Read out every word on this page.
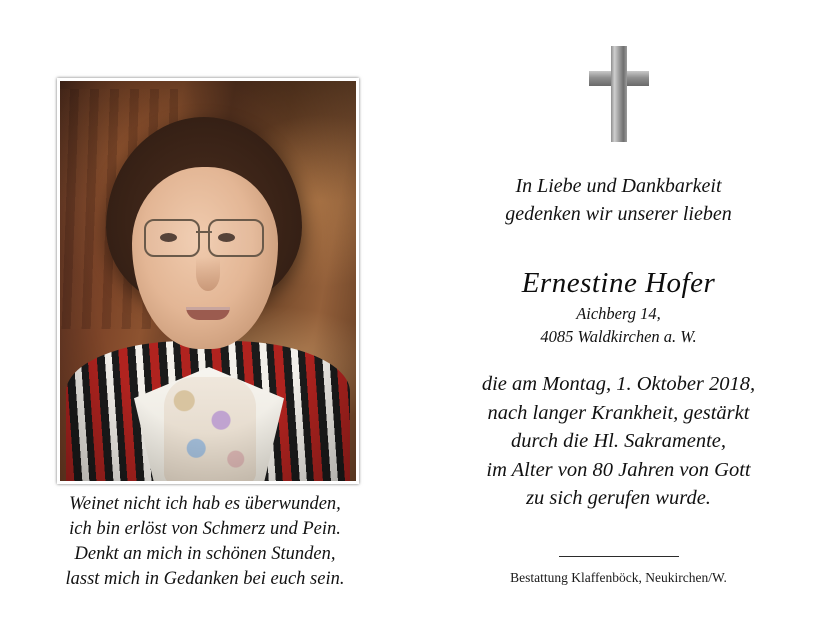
Weinet nicht ich hab es überwunden,
ich bin erlöst von Schmerz und Pein.
Denkt an mich in schönen Stunden,
lasst mich in Gedanken bei euch sein.
In Liebe und Dankbarkeit
gedenken wir unserer lieben
Ernestine Hofer
Aichberg 14,
4085 Waldkirchen a. W.
die am Montag, 1. Oktober 2018,
nach langer Krankheit, gestärkt
durch die Hl. Sakramente,
im Alter von 80 Jahren von Gott
zu sich gerufen wurde.
Bestattung Klaffenböck, Neukirchen/W.
